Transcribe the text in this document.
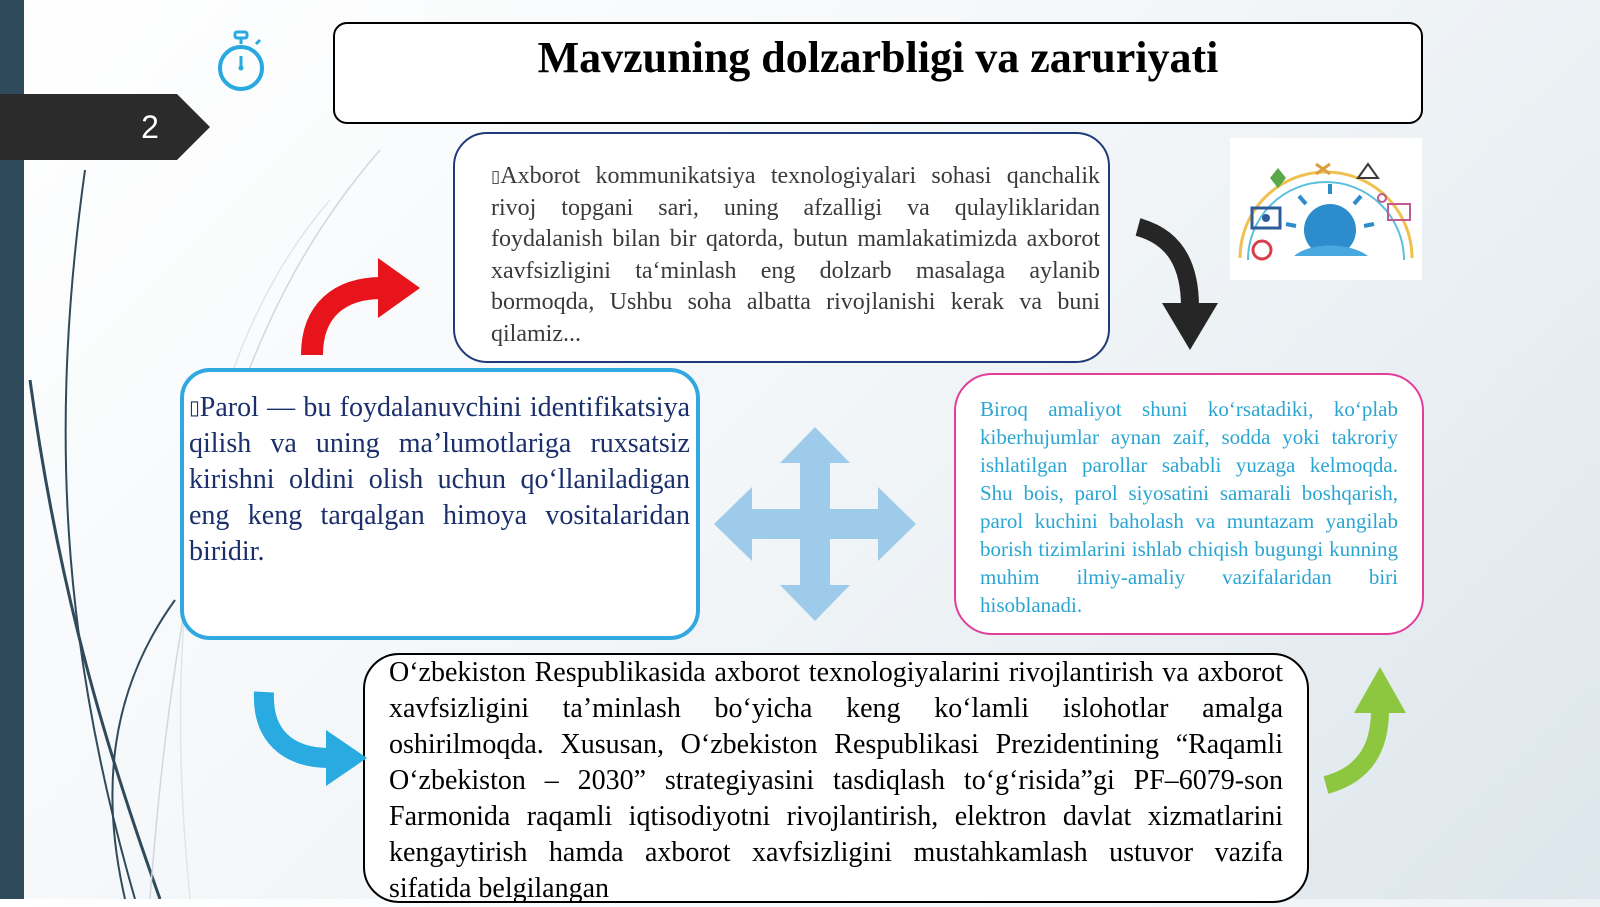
2
Mavzuning dolzarbligi va zaruriyati
▯Axborot kommunikatsiya texnologiyalari sohasi qanchalik rivoj topgani sari, uning afzalligi va qulayliklaridan foydalanish bilan bir qatorda, butun mamlakatimizda axborot xavfsizligini ta‘minlash eng dolzarb masalaga aylanib bormoqda, Ushbu soha albatta rivojlanishi kerak va buni qilamiz...
▯Parol — bu foydalanuvchini identifikatsiya qilish va uning ma’lumotlariga ruxsatsiz kirishni oldini olish uchun qo‘llaniladigan eng keng tarqalgan himoya vositalaridan biridir.
Biroq amaliyot shuni ko‘rsatadiki, ko‘plab kiberhujumlar aynan zaif, sodda yoki takroriy ishlatilgan parollar sababli yuzaga kelmoqda. Shu bois, parol siyosatini samarali boshqarish, parol kuchini baholash va muntazam yangilab borish tizimlarini ishlab chiqish bugungi kunning muhim ilmiy-amaliy vazifalaridan biri hisoblanadi.
O‘zbekiston Respublikasida axborot texnologiyalarini rivojlantirish va axborot xavfsizligini ta’minlash bo‘yicha keng ko‘lamli islohotlar amalga oshirilmoqda. Xususan, O‘zbekiston Respublikasi Prezidentining “Raqamli O‘zbekiston – 2030” strategiyasini tasdiqlash to‘g‘risida”gi PF–6079-son Farmonida raqamli iqtisodiyotni rivojlantirish, elektron davlat xizmatlarini kengaytirish hamda axborot xavfsizligini mustahkamlash ustuvor vazifa sifatida belgilangan
